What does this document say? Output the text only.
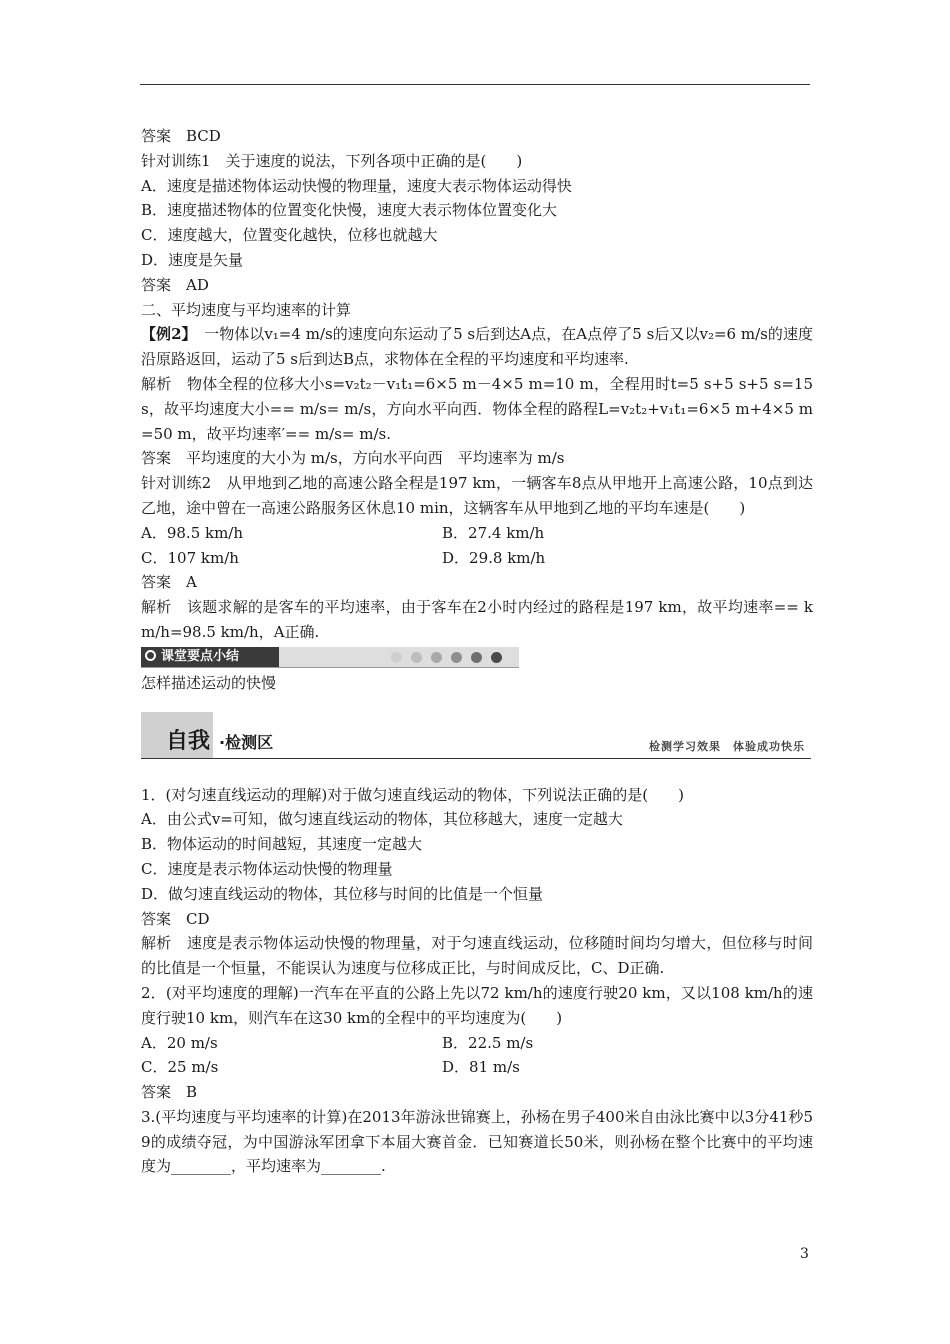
答案　BCD
针对训练1　关于速度的说法，下列各项中正确的是(　　)
A．速度是描述物体运动快慢的物理量，速度大表示物体运动得快
B．速度描述物体的位置变化快慢，速度大表示物体位置变化大
C．速度越大，位置变化越快，位移也就越大
D．速度是矢量
答案　AD
二、平均速度与平均速率的计算
【例2】　一物体以v₁=4 m/s的速度向东运动了5 s后到达A点，在A点停了5 s后又以v₂=6 m/s的速度沿原路返回，运动了5 s后到达B点，求物体在全程的平均速度和平均速率.
解析　物体全程的位移大小s=v₂t₂－v₁t₁=6×5 m－4×5 m=10 m，全程用时t=5 s+5 s+5 s=15 s，故平均速度大小== m/s= m/s，方向水平向西．物体全程的路程L=v₂t₂+v₁t₁=6×5 m+4×5 m=50 m，故平均速率′== m/s= m/s.
答案　平均速度的大小为 m/s，方向水平向西　平均速率为 m/s
针对训练2　从甲地到乙地的高速公路全程是197 km，一辆客车8点从甲地开上高速公路，10点到达乙地，途中曾在一高速公路服务区休息10 min，这辆客车从甲地到乙地的平均车速是(　　)
A．98.5 km/h	B．27.4 km/h
C．107 km/h	D．29.8 km/h
答案　A
解析　该题求解的是客车的平均速率，由于客车在2小时内经过的路程是197 km，故平均速率== km/h=98.5 km/h，A正确.
课堂要点小结
怎样描述运动的快慢
自我 ·检测区	检测学习效果　体验成功快乐
1．(对匀速直线运动的理解)对于做匀速直线运动的物体，下列说法正确的是(　　)
A．由公式v=可知，做匀速直线运动的物体，其位移越大，速度一定越大
B．物体运动的时间越短，其速度一定越大
C．速度是表示物体运动快慢的物理量
D．做匀速直线运动的物体，其位移与时间的比值是一个恒量
答案　CD
解析　速度是表示物体运动快慢的物理量，对于匀速直线运动，位移随时间均匀增大，但位移与时间的比值是一个恒量，不能误认为速度与位移成正比，与时间成反比，C、D正确.
2．(对平均速度的理解)一汽车在平直的公路上先以72 km/h的速度行驶20 km，又以108 km/h的速度行驶10 km，则汽车在这30 km的全程中的平均速度为(　　)
A．20 m/s	B．22.5 m/s
C．25 m/s	D．81 m/s
答案　B
3.(平均速度与平均速率的计算)在2013年游泳世锦赛上，孙杨在男子400米自由泳比赛中以3分41秒59的成绩夺冠，为中国游泳军团拿下本届大赛首金．已知赛道长50米，则孙杨在整个比赛中的平均速度为________，平均速率为________.
3
